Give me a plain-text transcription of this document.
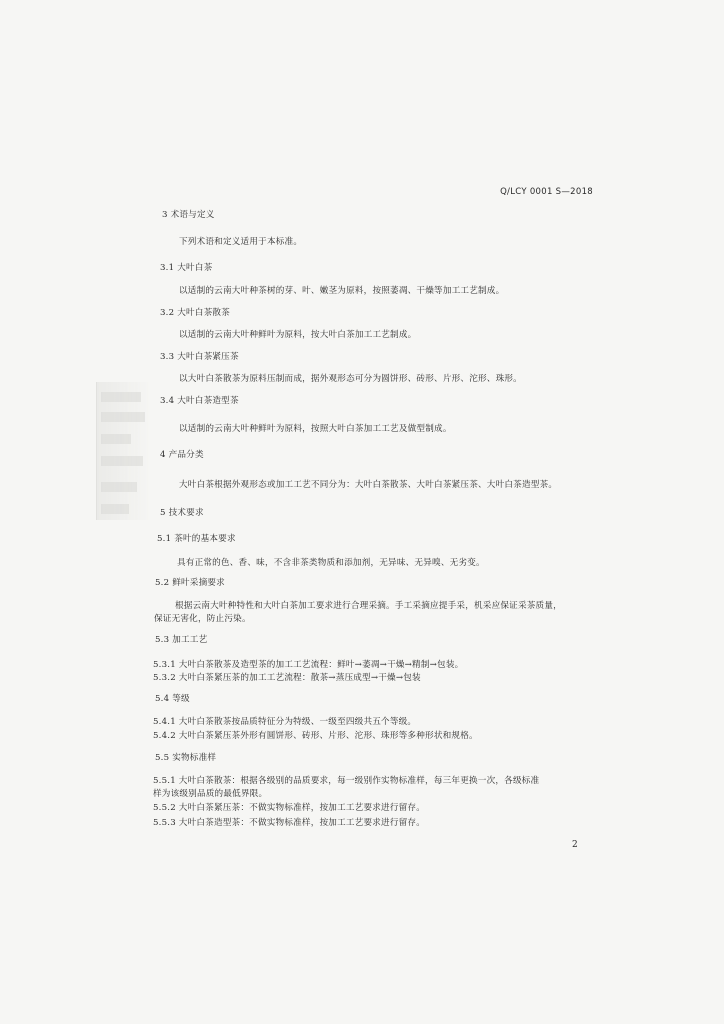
Q/LCY 0001 S—2018
3 术语与定义
下列术语和定义适用于本标准。
3.1 大叶白茶
以适制的云南大叶种茶树的芽、叶、嫩茎为原料，按照萎凋、干燥等加工工艺制成。
3.2 大叶白茶散茶
以适制的云南大叶种鲜叶为原料，按大叶白茶加工工艺制成。
3.3 大叶白茶紧压茶
以大叶白茶散茶为原料压制而成，据外观形态可分为圆饼形、砖形、片形、沱形、珠形。
3.4 大叶白茶造型茶
以适制的云南大叶种鲜叶为原料，按照大叶白茶加工工艺及做型制成。
4 产品分类
大叶白茶根据外观形态或加工工艺不同分为：大叶白茶散茶、大叶白茶紧压茶、大叶白茶造型茶。
5 技术要求
5.1 茶叶的基本要求
具有正常的色、香、味，不含非茶类物质和添加剂，无异味、无异嗅、无劣变。
5.2 鲜叶采摘要求
根据云南大叶种特性和大叶白茶加工要求进行合理采摘。手工采摘应提手采，机采应保证采茶质量，
保证无害化，防止污染。
5.3 加工工艺
5.3.1 大叶白茶散茶及造型茶的加工工艺流程：鲜叶→萎凋→干燥→精制→包装。
5.3.2 大叶白茶紧压茶的加工工艺流程：散茶→蒸压成型→干燥→包装
5.4 等级
5.4.1 大叶白茶散茶按品质特征分为特级、一级至四级共五个等级。
5.4.2 大叶白茶紧压茶外形有圆饼形、砖形、片形、沱形、珠形等多种形状和规格。
5.5 实物标准样
5.5.1 大叶白茶散茶：根据各级别的品质要求，每一级别作实物标准样，每三年更换一次，各级标准
样为该级别品质的最低界限。
5.5.2 大叶白茶紧压茶：不做实物标准样，按加工工艺要求进行留存。
5.5.3 大叶白茶造型茶：不做实物标准样，按加工工艺要求进行留存。
2
